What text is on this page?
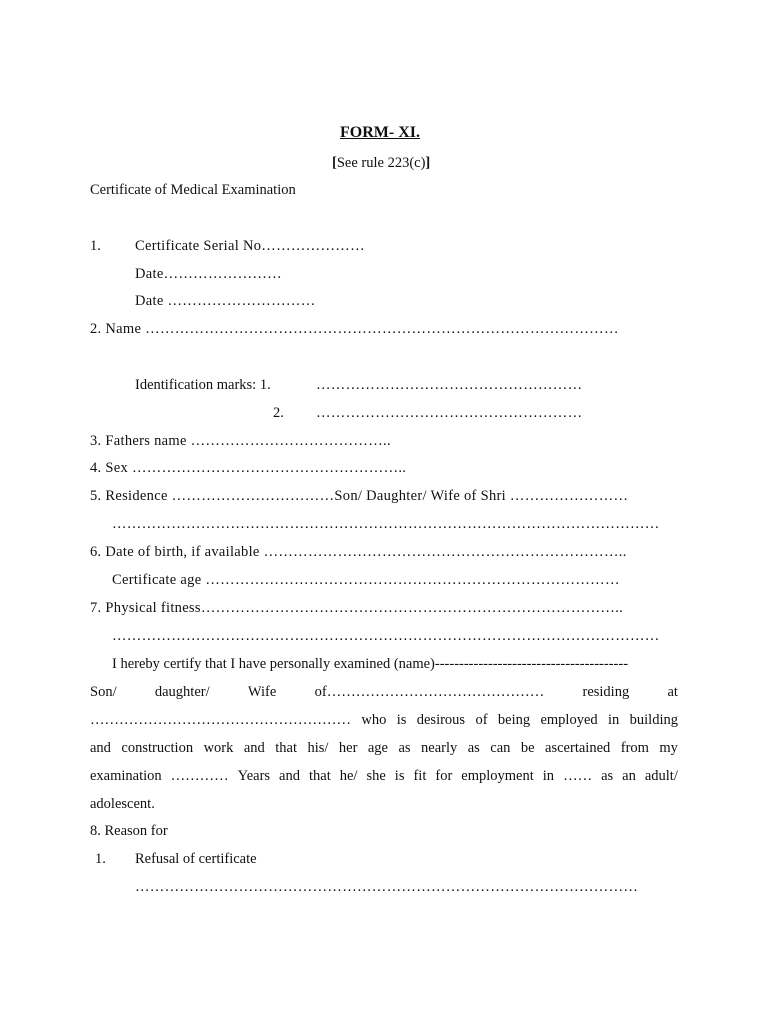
FORM- XI.
[See rule 223(c)]
Certificate of Medical Examination
1. Certificate Serial No…………………
Date……………………
Date …………………………
2. Name ……………………………………………………………………………………
Identification marks: 1.	………………………………………………
2. ………………………………………………
3. Fathers name …………………………………..
4. Sex ………………………………………………..
5. Residence ……………………………Son/ Daughter/ Wife of Shri ……………………
…………………………………………………………………………………………………
6. Date of birth, if available ………………………………………………………………..
Certificate age …………………………………………………………………………
7. Physical fitness…………………………………………………………………………..
…………………………………………………………………………………………………
I hereby certify that I have personally examined (name)----------------------------------------
Son/	daughter/	Wife	of………………………………………	residing	at
……………………………………………… who is desirous of being employed in building
and construction work and that his/ her age as nearly as can be ascertained from my
examination ………… Years and that he/ she is fit for employment in …… as an adult/
adolescent.
8. Reason for
1. Refusal of certificate
…………………………………………………………………………………………
